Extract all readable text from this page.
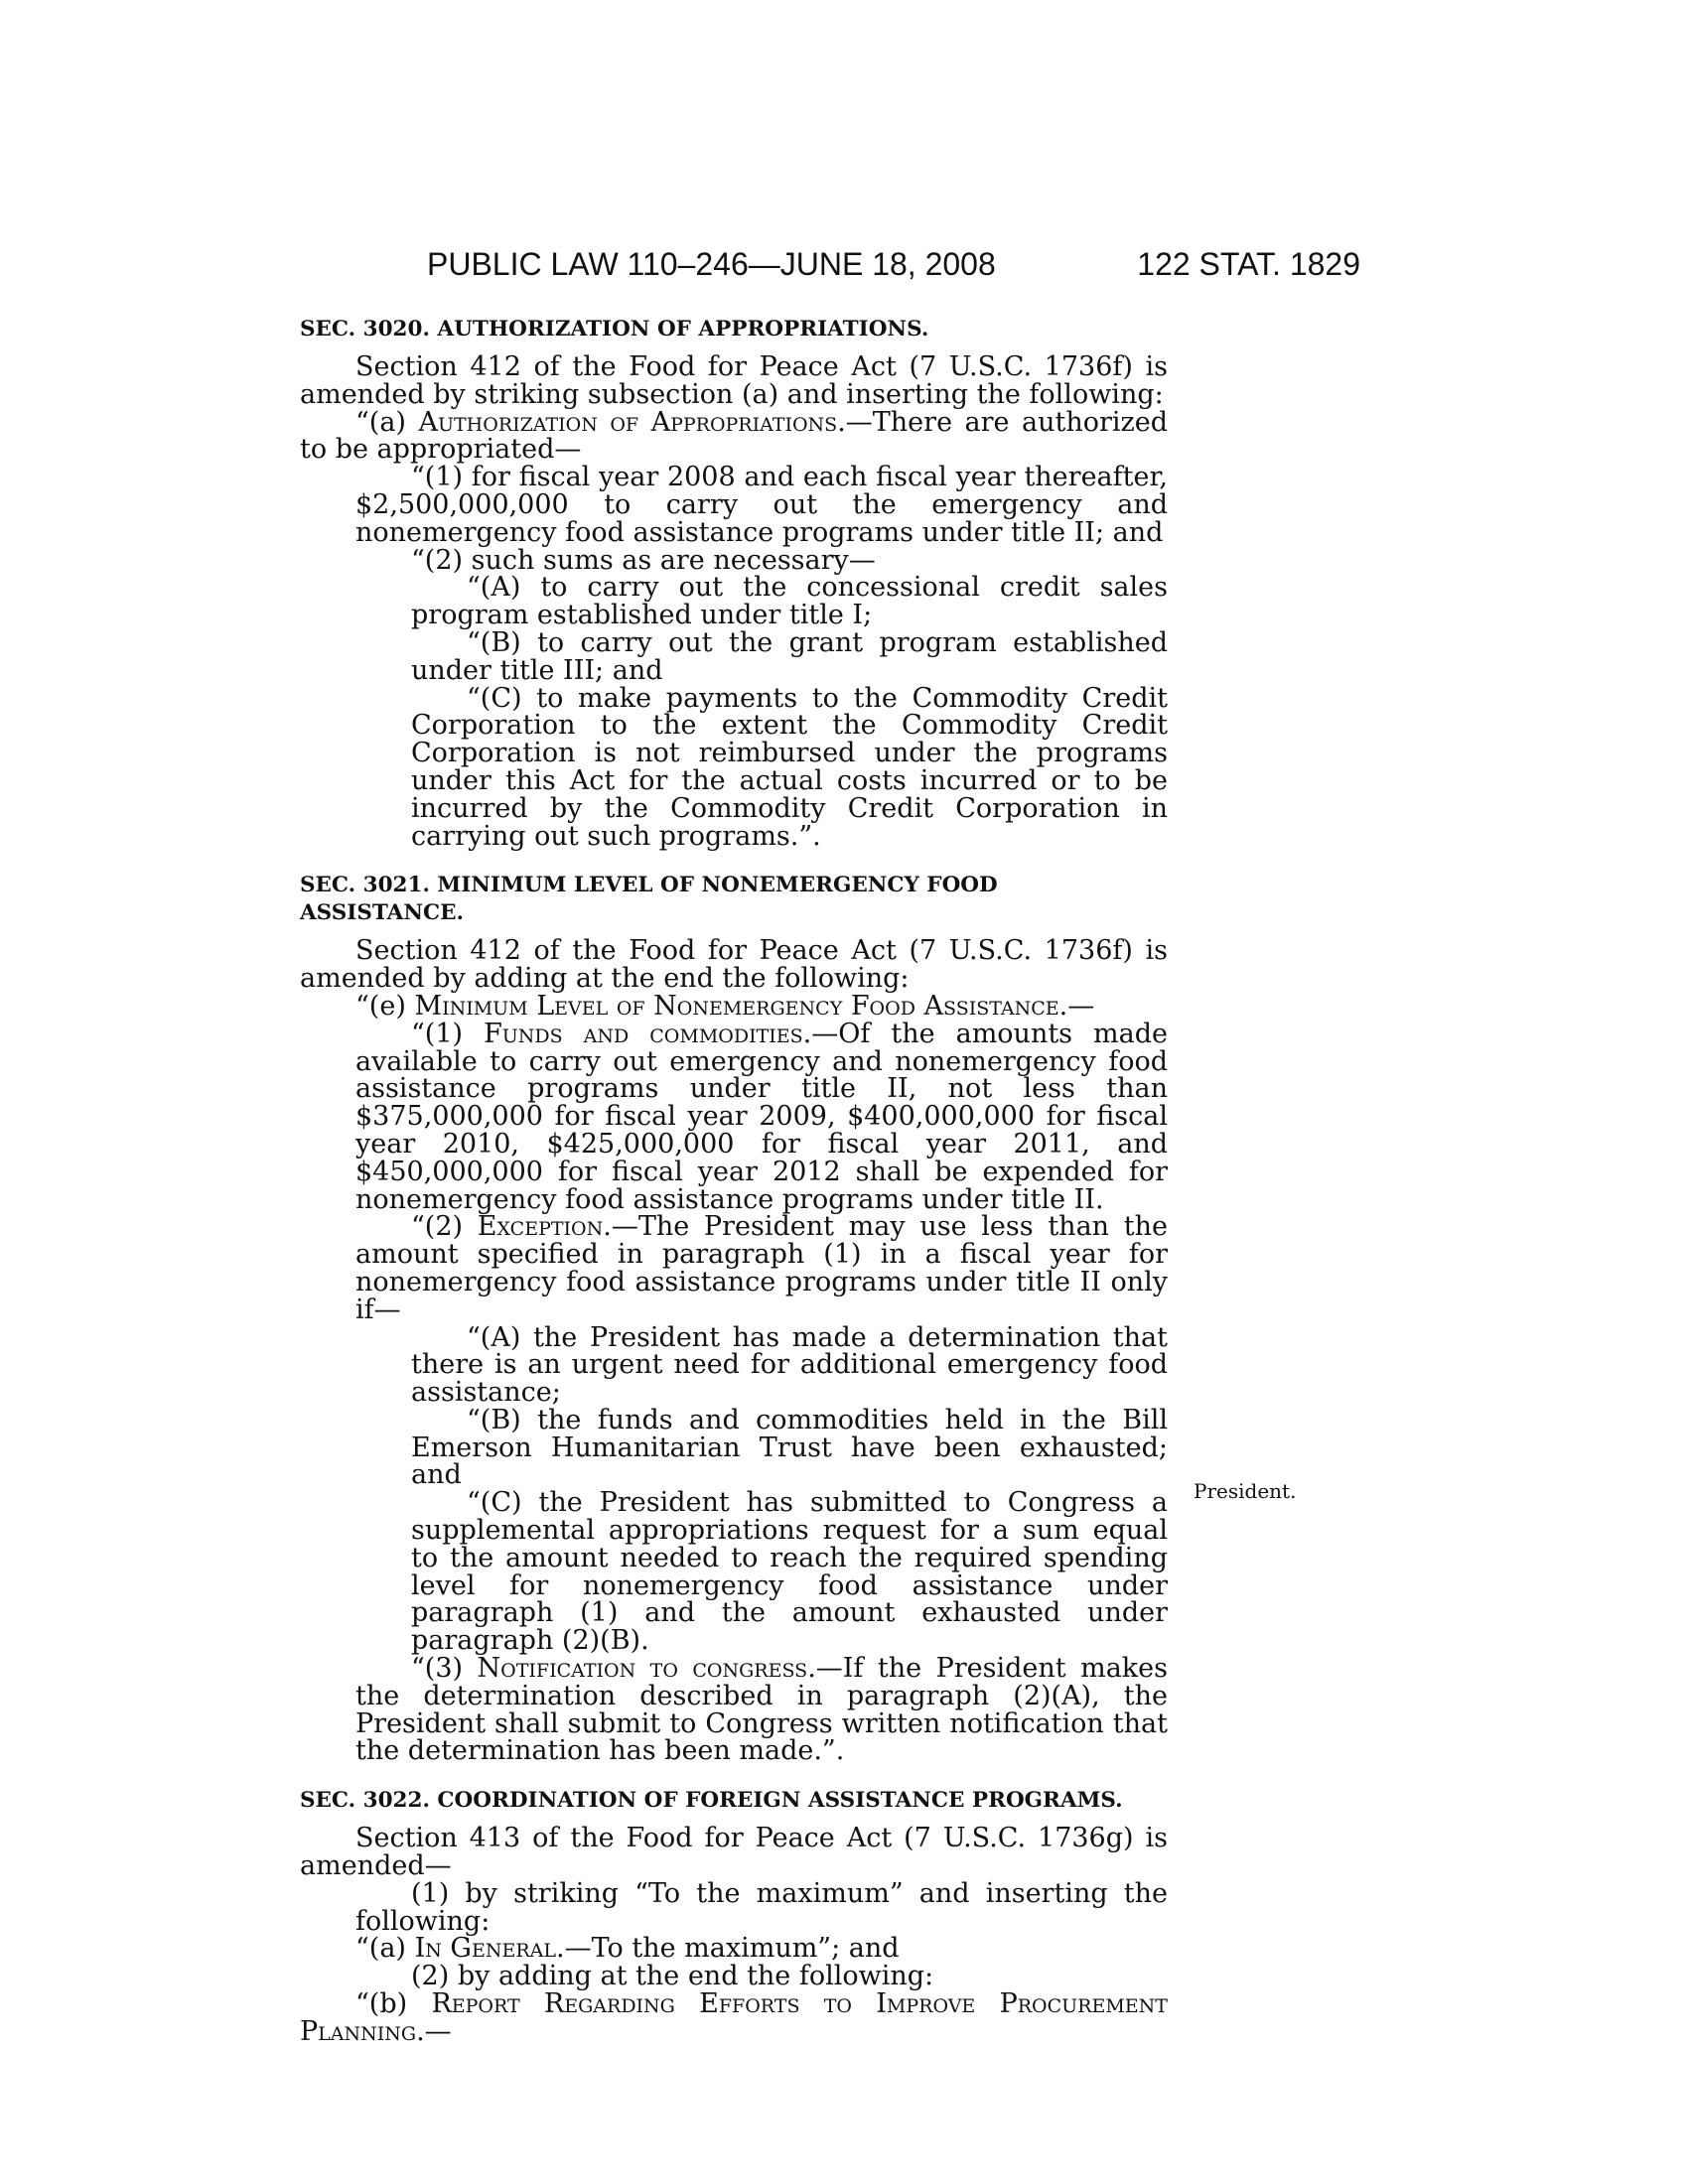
PUBLIC LAW 110–246—JUNE 18, 2008	122 STAT. 1829
President.
SEC. 3020. AUTHORIZATION OF APPROPRIATIONS.

Section 412 of the Food for Peace Act (7 U.S.C. 1736f) is amended by striking subsection (a) and inserting the following:

“(a) Authorization of Appropriations.—There are authorized to be appropriated—

“(1) for fiscal year 2008 and each fiscal year thereafter, $2,500,000,000 to carry out the emergency and nonemergency food assistance programs under title II; and

“(2) such sums as are necessary—

“(A) to carry out the concessional credit sales program established under title I;

“(B) to carry out the grant program established under title III; and

“(C) to make payments to the Commodity Credit Corporation to the extent the Commodity Credit Corporation is not reimbursed under the programs under this Act for the actual costs incurred or to be incurred by the Commodity Credit Corporation in carrying out such programs.”.

SEC. 3021. MINIMUM LEVEL OF NONEMERGENCY FOOD ASSISTANCE.

Section 412 of the Food for Peace Act (7 U.S.C. 1736f) is amended by adding at the end the following:

“(e) Minimum Level of Nonemergency Food Assistance.—

“(1) Funds and commodities.—Of the amounts made available to carry out emergency and nonemergency food assistance programs under title II, not less than $375,000,000 for fiscal year 2009, $400,000,000 for fiscal year 2010, $425,000,000 for fiscal year 2011, and $450,000,000 for fiscal year 2012 shall be expended for nonemergency food assistance programs under title II.

“(2) Exception.—The President may use less than the amount specified in paragraph (1) in a fiscal year for nonemergency food assistance programs under title II only if—

“(A) the President has made a determination that there is an urgent need for additional emergency food assistance;

“(B) the funds and commodities held in the Bill Emerson Humanitarian Trust have been exhausted; and

“(C) the President has submitted to Congress a supplemental appropriations request for a sum equal to the amount needed to reach the required spending level for nonemergency food assistance under paragraph (1) and the amount exhausted under paragraph (2)(B).

“(3) Notification to congress.—If the President makes the determination described in paragraph (2)(A), the President shall submit to Congress written notification that the determination has been made.”.

SEC. 3022. COORDINATION OF FOREIGN ASSISTANCE PROGRAMS.

Section 413 of the Food for Peace Act (7 U.S.C. 1736g) is amended—

(1) by striking “To the maximum” and inserting the following:

“(a) In General.—To the maximum”; and

(2) by adding at the end the following:

“(b) Report Regarding Efforts to Improve Procurement Planning.—
